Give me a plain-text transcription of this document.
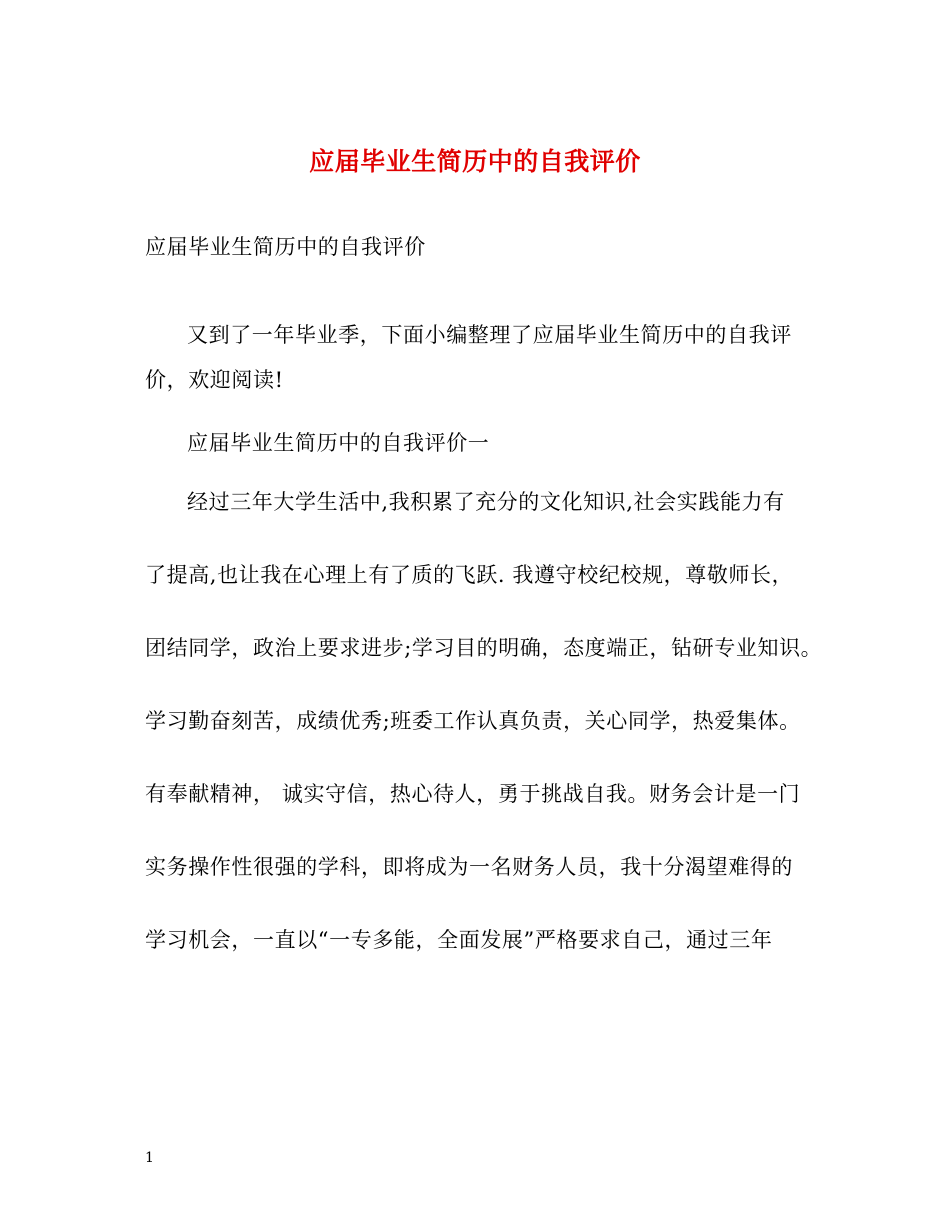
应届毕业生简历中的自我评价
应届毕业生简历中的自我评价
又到了一年毕业季，下面小编整理了应届毕业生简历中的自我评
价，欢迎阅读!
应届毕业生简历中的自我评价一
经过三年大学生活中,我积累了充分的文化知识,社会实践能力有
了提高,也让我在心理上有了质的飞跃. 我遵守校纪校规，尊敬师长，
团结同学，政治上要求进步;学习目的明确，态度端正，钻研专业知识。
学习勤奋刻苦，成绩优秀;班委工作认真负责，关心同学，热爱集体。
有奉献精神， 诚实守信，热心待人，勇于挑战自我。财务会计是一门
实务操作性很强的学科，即将成为一名财务人员，我十分渴望难得的
学习机会，一直以“一专多能，全面发展”严格要求自己，通过三年
1
